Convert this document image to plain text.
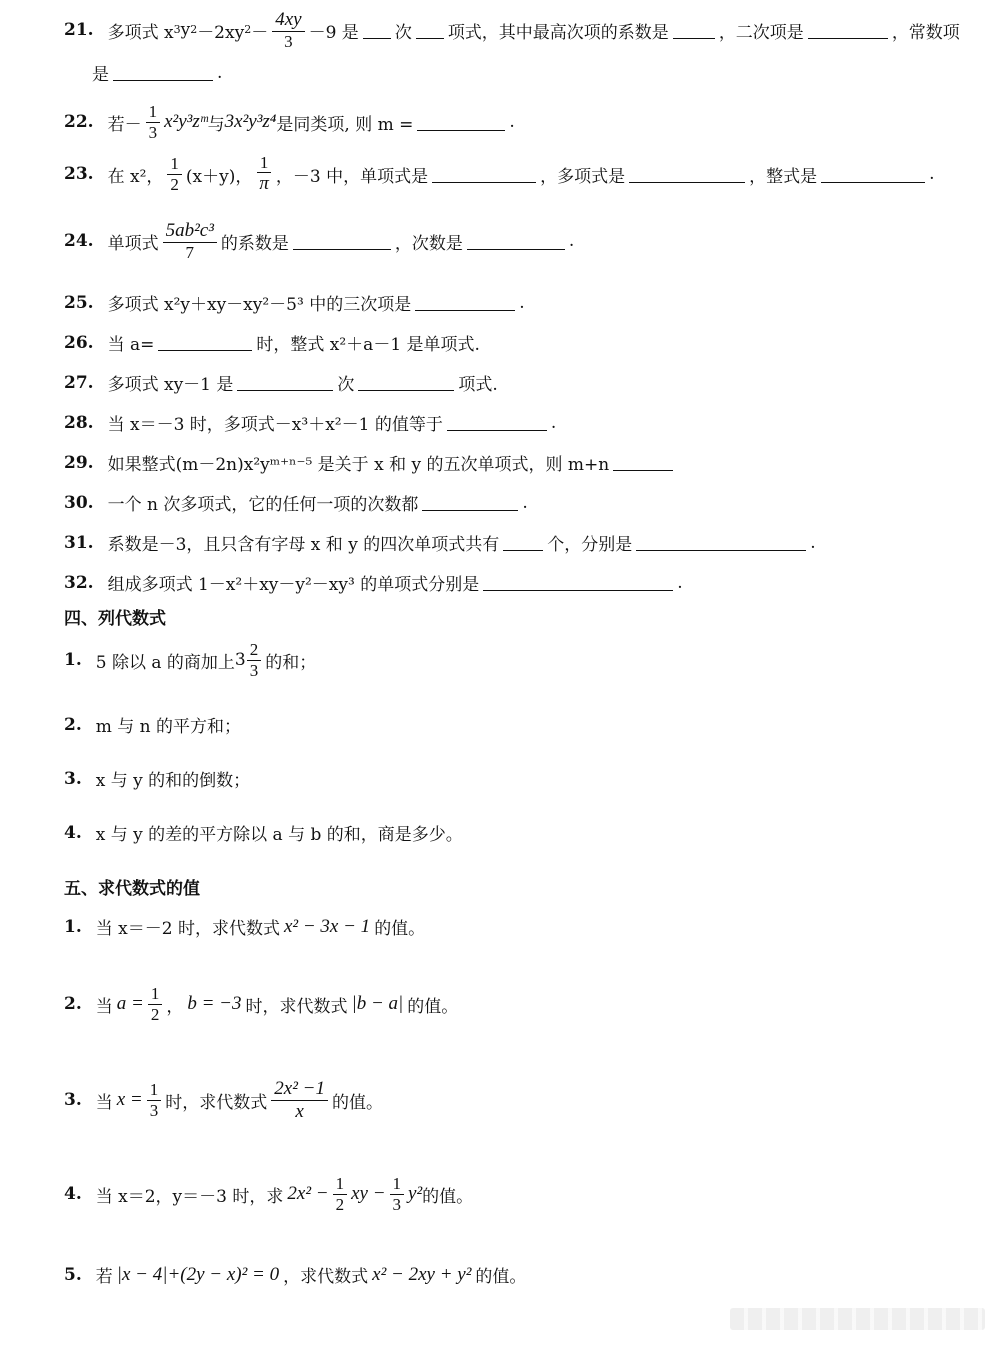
21. 多项式 x 3 y 2 －2xy $2 - \frac{4xy}{3} -9$ 是 次 项式，其中最高次项的系数是	，二次项是	，常数项
是	.
22. 若－ $\frac{1}{3}$ x²y³zᵐ 与 3x²y³z⁴ 是同类项, 则 m =	.
23. 在 x²， $\frac{1}{2} (x+y)$， $\frac{1}{\pi}$ ，－3 中，单项式是	，多项式是	，整式是	.
24. 单项式 $\frac{\text{5ab²c³}}{7}$ 的系数是	，次数是	.
25. 多项式 x²y＋xy－xy²－5³ 中的三次项是	.
26. 当 a=	时，整式 x²＋a－1 是单项式.
27. 多项式 xy－1 是	次	项式.
28. 当 x＝－3 时，多项式－x³＋x²－1 的值等于	.
29. 如果整式(m－2n)x²yᵐ⁺ⁿ⁻⁵ 是关于 x 和 y 的五次单项式，则 m+n
30. 一个 n 次多项式，它的任何一项的次数都	.
31. 系数是－3，且只含有字母 x 和 y 的四次单项式共有	个，分别是	.
32. 组成多项式 1－x²＋xy－y²－xy³ 的单项式分别是	.
四、列代数式
1. 5 除以 a 的商加上 $3 \frac{2}{3}$ 的和；
2. m 与 n 的平方和；
3. x 与 y 的和的倒数；
4. x 与 y 的差的平方除以 a 与 b 的和，商是多少。
五、求代数式的值
1. 当 x＝－2 时，求代数式 x² − 3x − 1 的值。
2. 当 $a = \frac{1}{2}$ ， b = −3 时，求代数式 |b − a| 的值。
3. 当 $x = \frac{1}{3}$ 时，求代数式 $\frac{\text{2x² −1}}{x}$ 的值。
4. 当 x＝2，y＝－3 时，求 $2x^2 - \frac{1}{2}$ xy − $\frac{1}{3} y^2$ 的值。
5. 若 |x − 4|+(2y − x)² = 0 ，求代数式 x² − 2xy + y² 的值。
